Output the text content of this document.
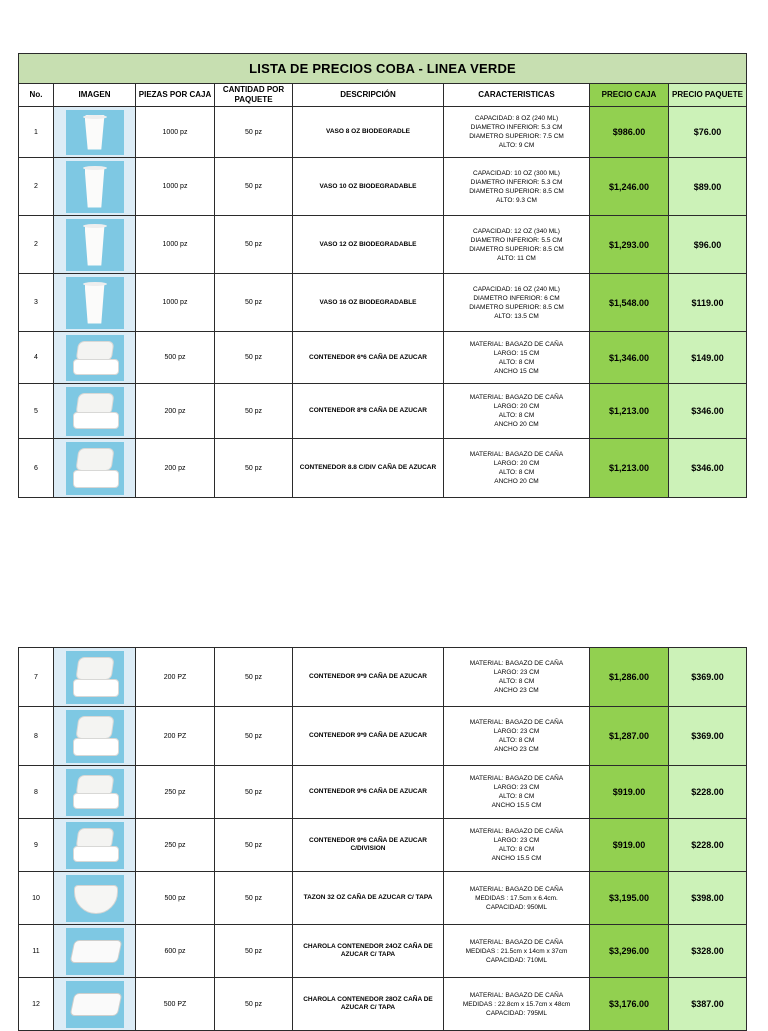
LISTA DE PRECIOS COBA - LINEA VERDE							
No.	IMAGEN	PIEZAS POR CAJA	CANTIDAD POR PAQUETE	DESCRIPCIÓN	CARACTERISTICAS	PRECIO CAJA	PRECIO PAQUETE
1		1000 pz	50 pz	VASO 8 OZ BIODEGRADLE	CAPACIDAD: 8 OZ (240 ML)
DIAMETRO INFERIOR: 5.3 CM
DIAMETRO SUPERIOR: 7.5 CM
ALTO: 9 CM	$986.00	$76.00
2		1000 pz	50 pz	VASO 10 OZ BIODEGRADABLE	CAPACIDAD: 10 OZ (300 ML)
DIAMETRO INFERIOR: 5.3 CM
DIAMETRO SUPERIOR: 8.5 CM
ALTO: 9.3 CM	$1,246.00	$89.00
2		1000 pz	50 pz	VASO 12 OZ BIODEGRADABLE	CAPACIDAD: 12 OZ (340 ML)
DIAMETRO INFERIOR: 5.5 CM
DIAMETRO SUPERIOR: 8.5 CM
ALTO: 11 CM	$1,293.00	$96.00
3		1000 pz	50 pz	VASO 16 OZ BIODEGRADABLE	CAPACIDAD: 16 OZ (240 ML)
DIAMETRO INFERIOR: 6 CM
DIAMETRO SUPERIOR: 8.5 CM
ALTO: 13.5 CM	$1,548.00	$119.00
4		500 pz	50 pz	CONTENEDOR 6*6 CAÑA DE AZUCAR	MATERIAL: BAGAZO DE CAÑA
LARGO: 15 CM
ALTO: 8 CM
ANCHO 15 CM	$1,346.00	$149.00
5		200 pz	50 pz	CONTENEDOR 8*8 CAÑA DE AZUCAR	MATERIAL: BAGAZO DE CAÑA
LARGO: 20 CM
ALTO: 8 CM
ANCHO 20 CM	$1,213.00	$346.00
6		200 pz	50 pz	CONTENEDOR 8.8 C/DIV CAÑA DE AZUCAR	MATERIAL: BAGAZO DE CAÑA
LARGO: 20 CM
ALTO: 8 CM
ANCHO 20 CM	$1,213.00	$346.00
7		200 PZ	50 pz	CONTENEDOR 9*9 CAÑA DE AZUCAR	MATERIAL: BAGAZO DE CAÑA
LARGO: 23 CM
ALTO: 8 CM
ANCHO 23 CM	$1,286.00	$369.00
8		200 PZ	50 pz	CONTENEDOR 9*9 CAÑA DE AZUCAR	MATERIAL: BAGAZO DE CAÑA
LARGO: 23 CM
ALTO: 8 CM
ANCHO 23 CM	$1,287.00	$369.00
8		250 pz	50 pz	CONTENEDOR 9*6 CAÑA DE AZUCAR	MATERIAL: BAGAZO DE CAÑA
LARGO: 23 CM
ALTO: 8 CM
ANCHO 15.5 CM	$919.00	$228.00
9		250 pz	50 pz	CONTENEDOR 9*6 CAÑA DE AZUCAR C/DIVISION	MATERIAL: BAGAZO DE CAÑA
LARGO: 23 CM
ALTO: 8 CM
ANCHO 15.5 CM	$919.00	$228.00
10		500 pz	50 pz	TAZON 32 OZ CAÑA DE AZUCAR C/ TAPA	MATERIAL: BAGAZO DE CAÑA
MEDIDAS : 17.5cm x 6.4cm.
CAPACIDAD: 950ML	$3,195.00	$398.00
11		600 pz	50 pz	CHAROLA CONTENEDOR 24OZ CAÑA DE AZUCAR C/ TAPA	MATERIAL: BAGAZO DE CAÑA
MEDIDAS : 21.5cm x 14cm x 37cm
CAPACIDAD: 710ML	$3,296.00	$328.00
12		500 PZ	50 pz	CHAROLA CONTENEDOR 28OZ CAÑA DE AZUCAR C/ TAPA	MATERIAL: BAGAZO DE CAÑA
MEDIDAS : 22.8cm x 15.7cm x 48cm
CAPACIDAD: 795ML	$3,176.00	$387.00
